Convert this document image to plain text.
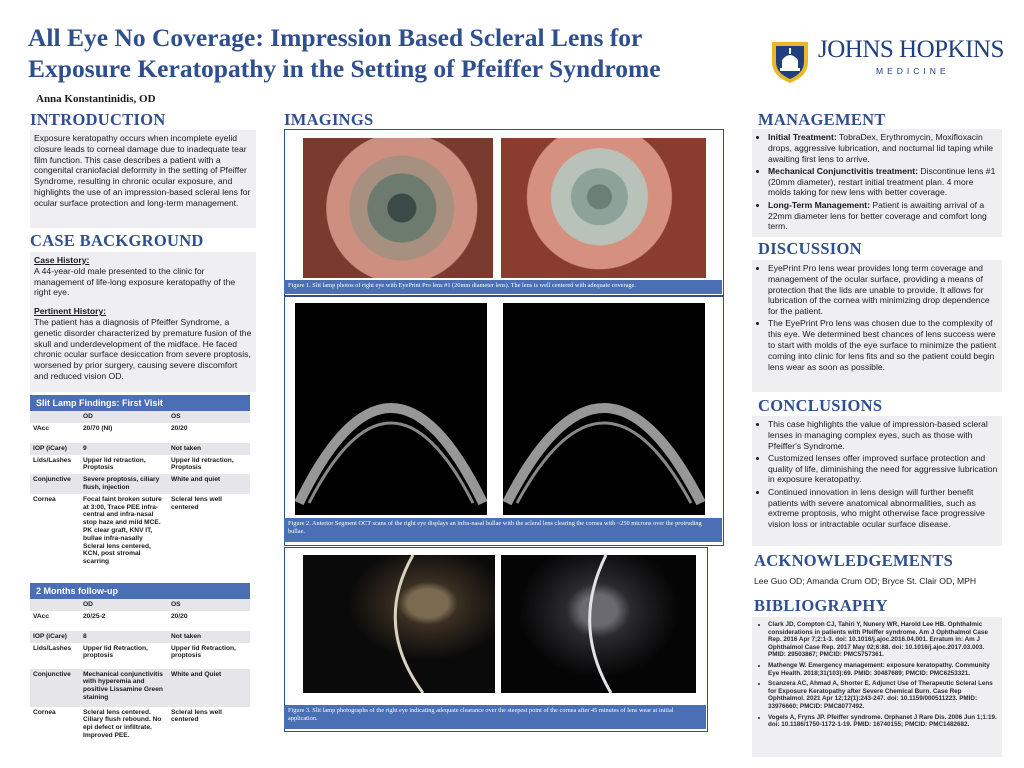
All Eye No Coverage: Impression Based Scleral Lens for Exposure Keratopathy in the Setting of Pfeiffer Syndrome
Anna Konstantinidis, OD
JOHNS HOPKINS
MEDICINE
INTRODUCTION

Exposure keratopathy occurs when incomplete eyelid closure leads to corneal damage due to inadequate tear film function. This case describes a patient with a congenital craniofacial deformity in the setting of Pfeiffer Syndrome, resulting in chronic ocular exposure, and highlights the use of an impression-based scleral lens for ocular surface protection and long-term management.

CASE BACKGROUND

Case History:

A 44-year-old male presented to the clinic for management of life-long exposure keratopathy of the right eye.

Pertinent History:

The patient has a diagnosis of Pfeiffer Syndrome, a genetic disorder characterized by premature fusion of the skull and underdevelopment of the midface. He faced chronic ocular surface desiccation from severe proptosis, worsened by prior surgery, causing severe discomfort and reduced vision OD.

Slit Lamp Findings: First Visit
	OD	OS
VAcc	20/70 (NI)	20/20
IOP (iCare)	9	Not taken
Lids/Lashes	Upper lid retraction, Proptosis	Upper lid retraction, Proptosis
Conjunctive	Severe proptosis, ciliary flush, injection	White and quiet
Cornea	Focal faint broken suture at 3:00, Trace PEE infra-central and infra-nasal stop haze and mild MCE. PK clear graft, KNV IT, bullae infra-nasally Scleral lens centered, KCN, post stromal scarring	Scleral lens well centered
2 Months follow-up
	OD	OS
VAcc	20/25-2	20/20
IOP (iCare)	8	Not taken
Lids/Lashes	Upper lid Retraction, proptosis	Upper lid Retraction, proptosis
Conjunctive	Mechanical conjunctivitis with hyperemia and positive Lissamine Green staining	White and Quiet
Cornea	Scleral lens centered. Ciliary flush rebound. No epi defect or infiltrate. Improved PEE.	Scleral lens well centered
IMAGINGS
Figure 1. Slit lamp photos of right eye with EyePrint Pro lens #1 (20mm diameter lens). The lens is well centered with adequate coverage.
Figure 2. Anterior Segment OCT scans of the right eye displays an infra-nasal bullae with the scleral lens clearing the cornea with ~250 microns over the protruding bullae.
Figure 3. Slit lamp photographs of the right eye indicating adequate clearance over the steepest point of the cornea after 45 minutes of lens wear at initial application.
MANAGEMENT
• Initial Treatment: TobraDex, Erythromycin, Moxifloxacin drops, aggressive lubrication, and nocturnal lid taping while awaiting first lens to arrive.
• Mechanical Conjunctivitis treatment: Discontinue lens #1 (20mm diameter), restart initial treatment plan. 4 more molds taking for new lens with better coverage.
• Long-Term Management: Patient is awaiting arrival of a 22mm diameter lens for better coverage and comfort long term.
DISCUSSION
• EyePrint Pro lens wear provides long term coverage and management of the ocular surface, providing a means of protection that the lids are unable to provide. It allows for lubrication of the cornea with minimizing drop dependence for the patient.
• The EyePrint Pro lens was chosen due to the complexity of this eye. We determined best chances of lens success were to start with molds of the eye surface to minimize the patient coming into clinic for lens fits and so the patient could begin lens wear as soon as possible.
CONCLUSIONS
• This case highlights the value of impression-based scleral lenses in managing complex eyes, such as those with Pfeiffer's Syndrome.
• Customized lenses offer improved surface protection and quality of life, diminishing the need for aggressive lubrication in exposure keratopathy.
• Continued innovation in lens design will further benefit patients with severe anatomical abnormalities, such as extreme proptosis, who might otherwise face progressive vision loss or intractable ocular surface disease.
ACKNOWLEDGEMENTS

Lee Guo OD; Amanda Crum OD; Bryce St. Clair OD, MPH

BIBLIOGRAPHY
• Clark JD, Compton CJ, Tahiri Y, Nunery WR, Harold Lee HB. Ophthalmic considerations in patients with Pfeiffer syndrome. Am J Ophthalmol Case Rep. 2016 Apr 7;2:1-3. doi: 10.1016/j.ajoc.2016.04.001. Erratum in: Am J Ophthalmol Case Rep. 2017 May 02;6:88. doi: 10.1016/j.ajoc.2017.03.003. PMID: 29503867; PMCID: PMC5757361.
• Mathenge W. Emergency management: exposure keratopathy. Community Eye Health. 2018;31(103):69. PMID: 30487689; PMCID: PMC6253321.
• Scanzera AC, Ahmad A, Shorter E. Adjunct Use of Therapeutic Scleral Lens for Exposure Keratopathy after Severe Chemical Burn. Case Rep Ophthalmol. 2021 Apr 12;12(1):243-247. doi: 10.1159/000511223. PMID: 33976660; PMCID: PMC8077492.
• Vogels A, Fryns JP. Pfeiffer syndrome. Orphanet J Rare Dis. 2006 Jun 1;1:19. doi: 10.1186/1750-1172-1-19. PMID: 16740155; PMCID: PMC1482682.
